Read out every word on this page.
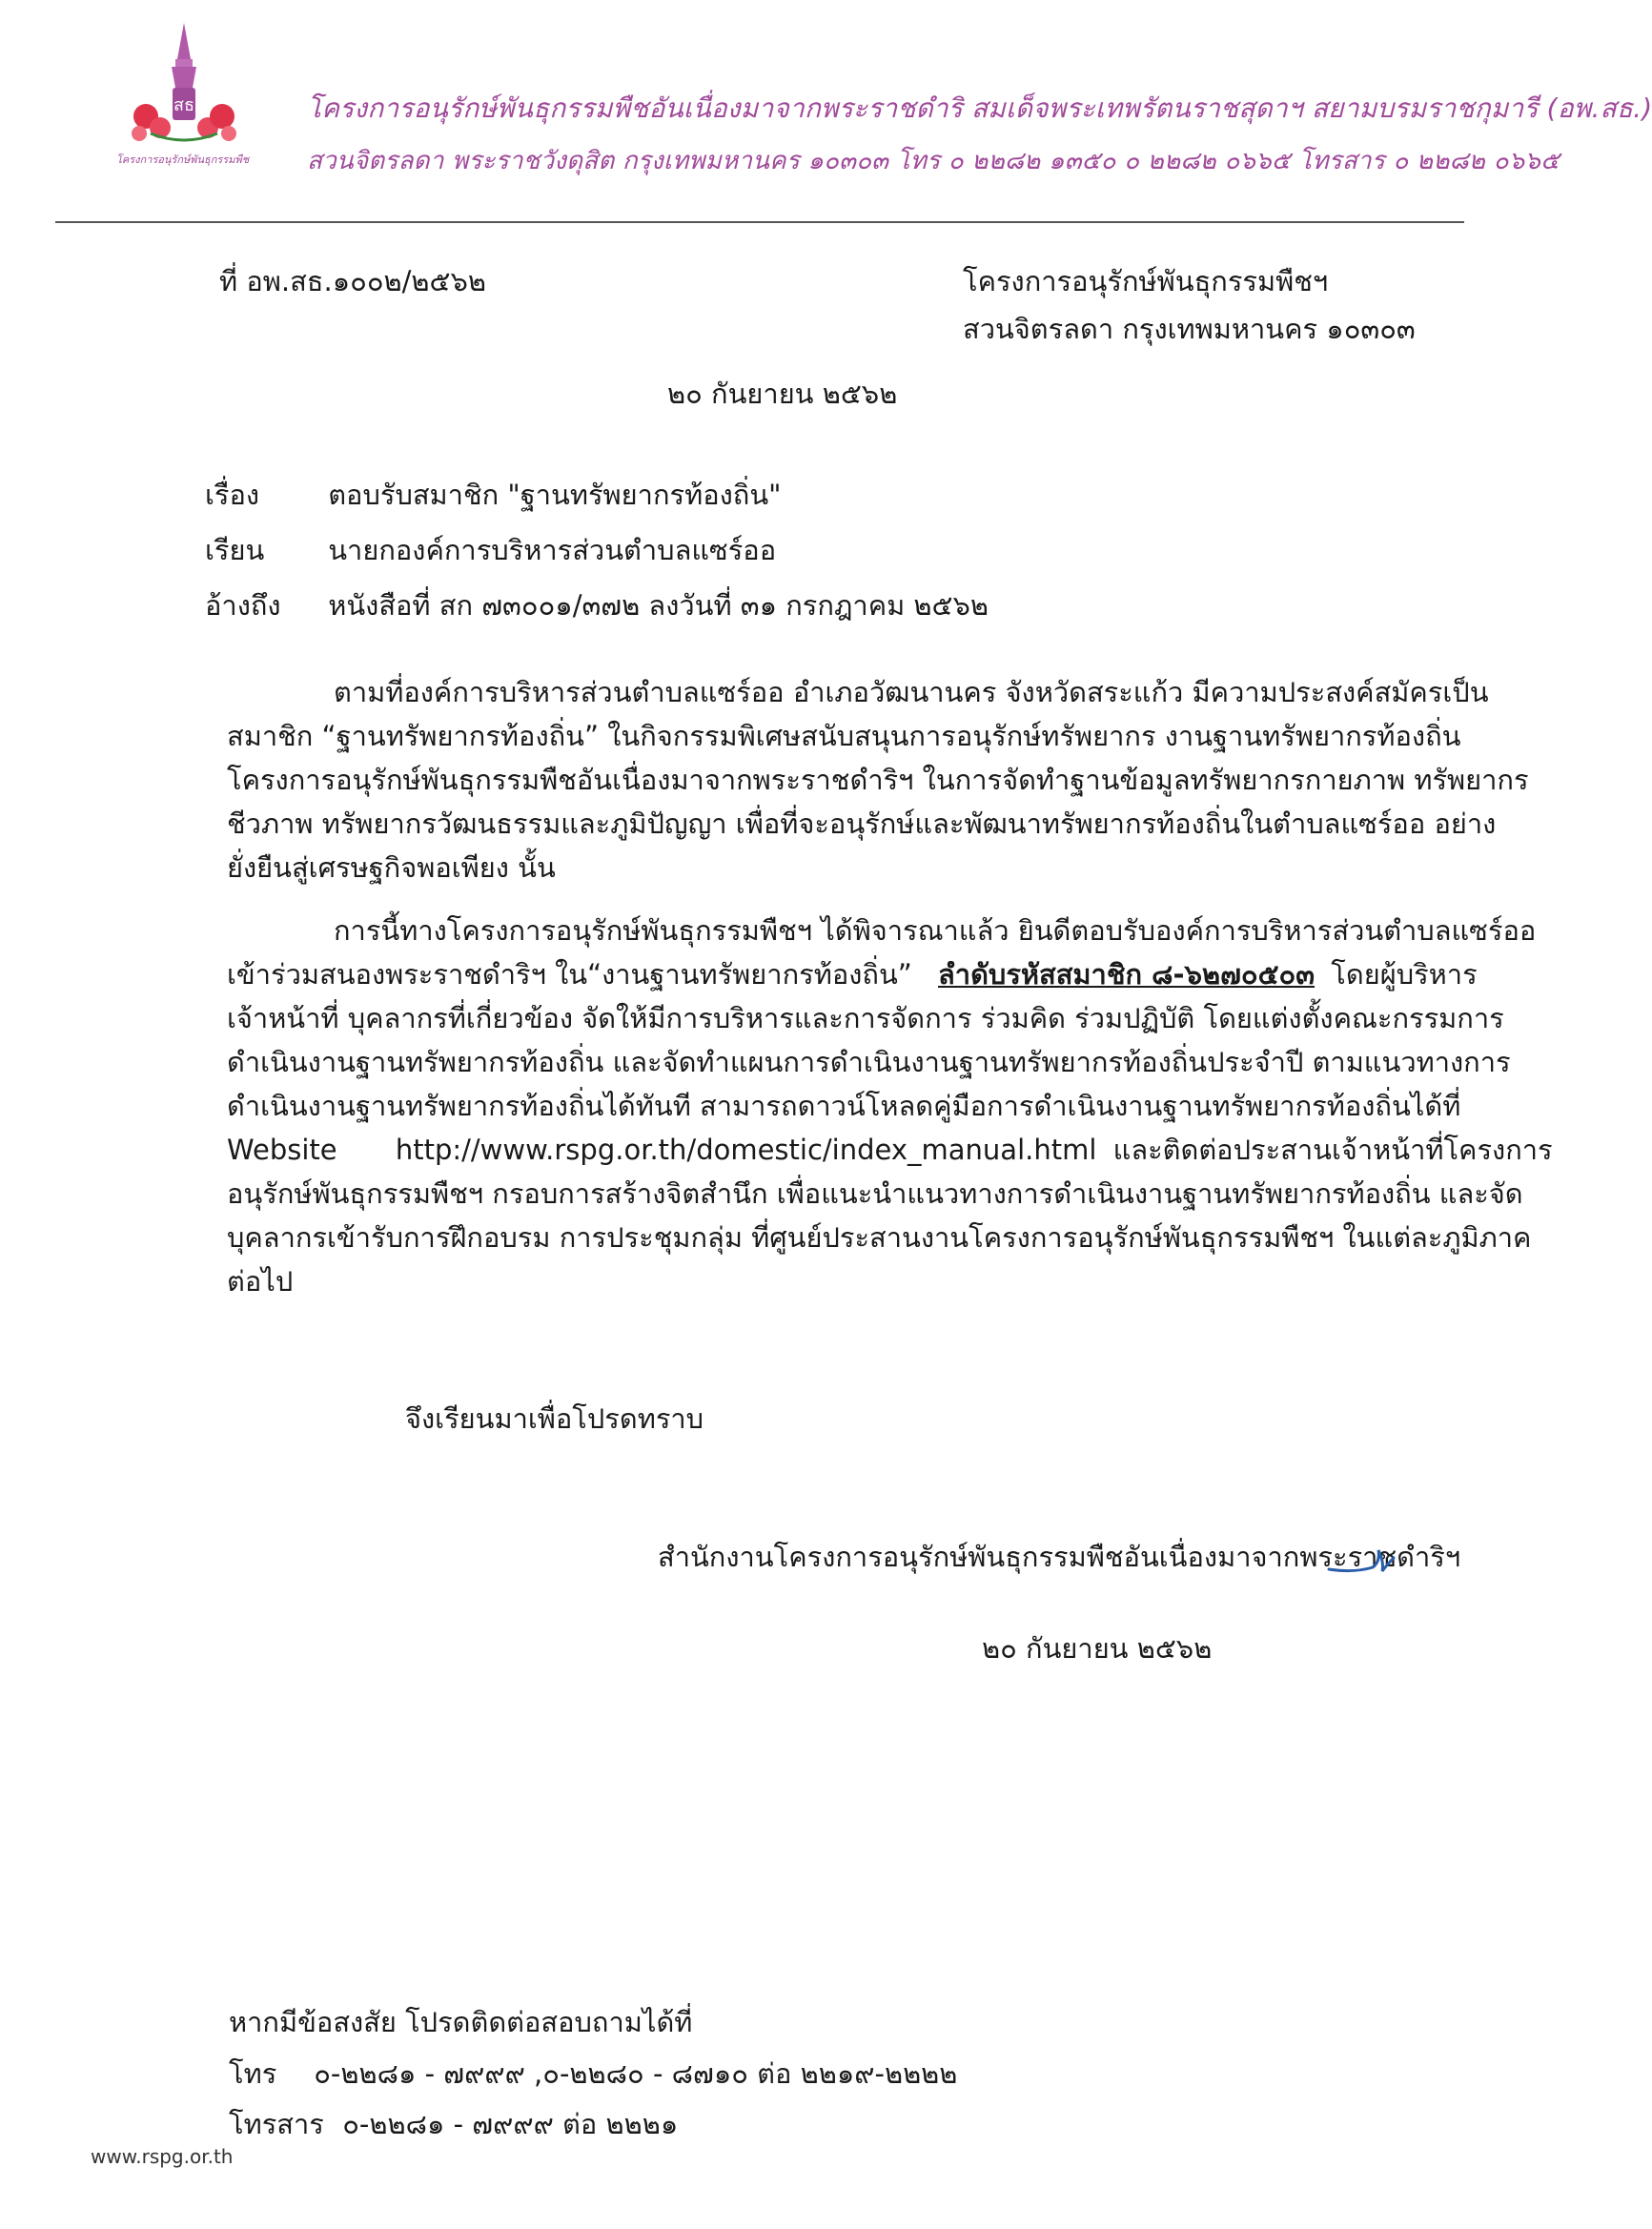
สธ
โครงการอนุรักษ์พันธุกรรมพืช
โครงการอนุรักษ์พันธุกรรมพืชอันเนื่องมาจากพระราชดำริ สมเด็จพระเทพรัตนราชสุดาฯ สยามบรมราชกุมารี (อพ.สธ.)
สวนจิตรลดา พระราชวังดุสิต กรุงเทพมหานคร ๑๐๓๐๓ โทร ๐ ๒๒๘๒ ๑๓๕๐ ๐ ๒๒๘๒ ๐๖๖๕ โทรสาร ๐ ๒๒๘๒ ๐๖๖๕
ที่ อพ.สธ.๑๐๐๒/๒๕๖๒	โครงการอนุรักษ์พันธุกรรมพืชฯ
สวนจิตรลดา กรุงเทพมหานคร ๑๐๓๐๓
๒๐ กันยายน ๒๕๖๒
เรื่อง ตอบรับสมาชิก "ฐานทรัพยากรท้องถิ่น"
เรียน นายกองค์การบริหารส่วนตำบลแซร์ออ
อ้างถึง หนังสือที่ สก ๗๓๐๐๑/๓๗๒ ลงวันที่ ๓๑ กรกฎาคม ๒๕๖๒
ตามที่องค์การบริหารส่วนตำบลแซร์ออ อำเภอวัฒนานคร จังหวัดสระแก้ว มีความประสงค์สมัครเป็น
สมาชิก “ฐานทรัพยากรท้องถิ่น” ในกิจกรรมพิเศษสนับสนุนการอนุรักษ์ทรัพยากร งานฐานทรัพยากรท้องถิ่น
โครงการอนุรักษ์พันธุกรรมพืชอันเนื่องมาจากพระราชดำริฯ ในการจัดทำฐานข้อมูลทรัพยากรกายภาพ ทรัพยากร
ชีวภาพ ทรัพยากรวัฒนธรรมและภูมิปัญญา เพื่อที่จะอนุรักษ์และพัฒนาทรัพยากรท้องถิ่นในตำบลแซร์ออ อย่าง
ยั่งยืนสู่เศรษฐกิจพอเพียง นั้น
การนี้ทางโครงการอนุรักษ์พันธุกรรมพืชฯ ได้พิจารณาแล้ว ยินดีตอบรับองค์การบริหารส่วนตำบลแซร์ออ
เข้าร่วมสนองพระราชดำริฯ ใน“งานฐานทรัพยากรท้องถิ่น” ลำดับรหัสสมาชิก ๘-๖๒๗๐๕๐๓ โดยผู้บริหาร
เจ้าหน้าที่ บุคลากรที่เกี่ยวข้อง จัดให้มีการบริหารและการจัดการ ร่วมคิด ร่วมปฏิบัติ โดยแต่งตั้งคณะกรรมการ
ดำเนินงานฐานทรัพยากรท้องถิ่น และจัดทำแผนการดำเนินงานฐานทรัพยากรท้องถิ่นประจำปี ตามแนวทางการ
ดำเนินงานฐานทรัพยากรท้องถิ่นได้ทันที สามารถดาวน์โหลดคู่มือการดำเนินงานฐานทรัพยากรท้องถิ่นได้ที่
Website http://www.rspg.or.th/domestic/index_manual.html และติดต่อประสานเจ้าหน้าที่โครงการ
อนุรักษ์พันธุกรรมพืชฯ กรอบการสร้างจิตสำนึก เพื่อแนะนำแนวทางการดำเนินงานฐานทรัพยากรท้องถิ่น และจัด
บุคลากรเข้ารับการฝึกอบรม การประชุมกลุ่ม ที่ศูนย์ประสานงานโครงการอนุรักษ์พันธุกรรมพืชฯ ในแต่ละภูมิภาค
ต่อไป
จึงเรียนมาเพื่อโปรดทราบ
สำนักงานโครงการอนุรักษ์พันธุกรรมพืชอันเนื่องมาจากพระราชดำริฯ
๒๐ กันยายน ๒๕๖๒
หากมีข้อสงสัย โปรดติดต่อสอบถามได้ที่
โทร ๐-๒๒๘๑ - ๗๙๙๙ ,๐-๒๒๘๐ - ๘๗๑๐ ต่อ ๒๒๑๙-๒๒๒๒
โทรสาร ๐-๒๒๘๑ - ๗๙๙๙ ต่อ ๒๒๒๑
www.rspg.or.th
